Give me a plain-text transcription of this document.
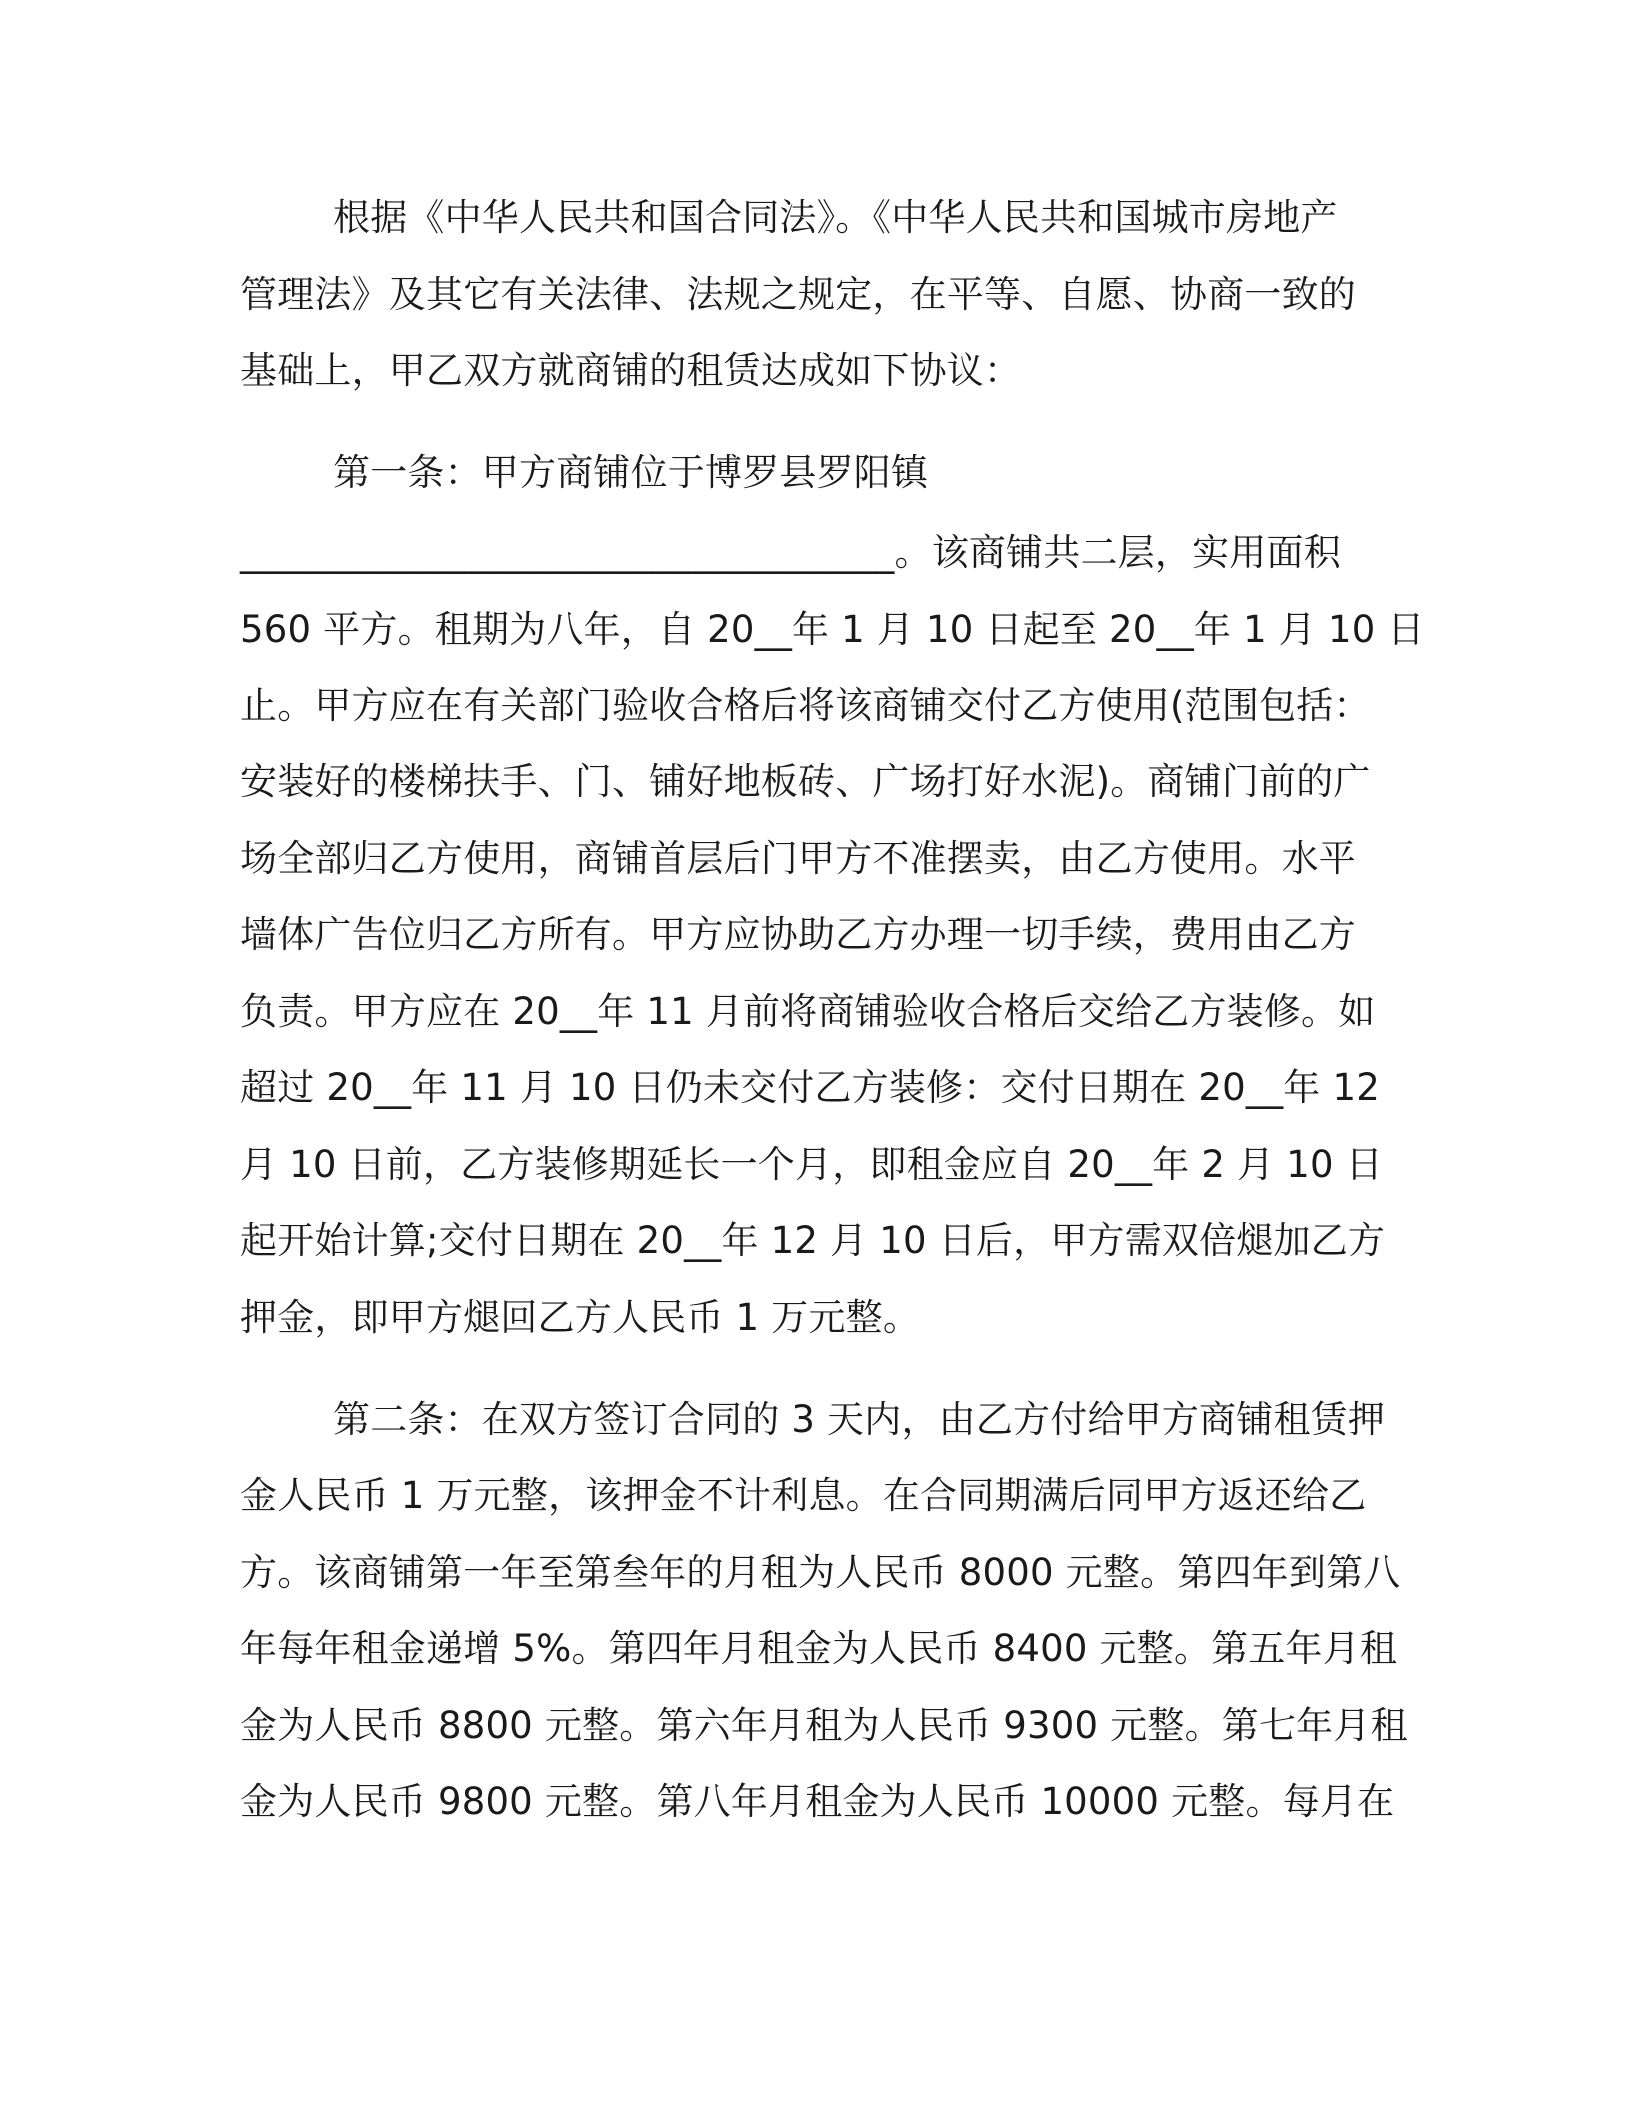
根据《中华人民共和国合同法》。《中华人民共和国城市房地产
管理法》及其它有关法律、法规之规定，在平等、自愿、协商一致的
基础上，甲乙双方就商铺的租赁达成如下协议：
第一条：甲方商铺位于博罗县罗阳镇
___________________________________。该商铺共二层，实用面积
560 平方。租期为八年，自 20__年 1 月 10 日起至 20__年 1 月 10 日
止。甲方应在有关部门验收合格后将该商铺交付乙方使用(范围包括：
安装好的楼梯扶手、门、铺好地板砖、广场打好水泥)。商铺门前的广
场全部归乙方使用，商铺首层后门甲方不准摆卖，由乙方使用。水平
墙体广告位归乙方所有。甲方应协助乙方办理一切手续，费用由乙方
负责。甲方应在 20__年 11 月前将商铺验收合格后交给乙方装修。如
超过 20__年 11 月 10 日仍未交付乙方装修：交付日期在 20__年 12
月 10 日前，乙方装修期延长一个月，即租金应自 20__年 2 月 10 日
起开始计算;交付日期在 20__年 12 月 10 日后，甲方需双倍煺加乙方
押金，即甲方煺回乙方人民币 1 万元整。
第二条：在双方签订合同的 3 天内，由乙方付给甲方商铺租赁押
金人民币 1 万元整，该押金不计利息。在合同期满后同甲方返还给乙
方。该商铺第一年至第叁年的月租为人民币 8000 元整。第四年到第八
年每年租金递增 5%。第四年月租金为人民币 8400 元整。第五年月租
金为人民币 8800 元整。第六年月租为人民币 9300 元整。第七年月租
金为人民币 9800 元整。第八年月租金为人民币 10000 元整。每月在
